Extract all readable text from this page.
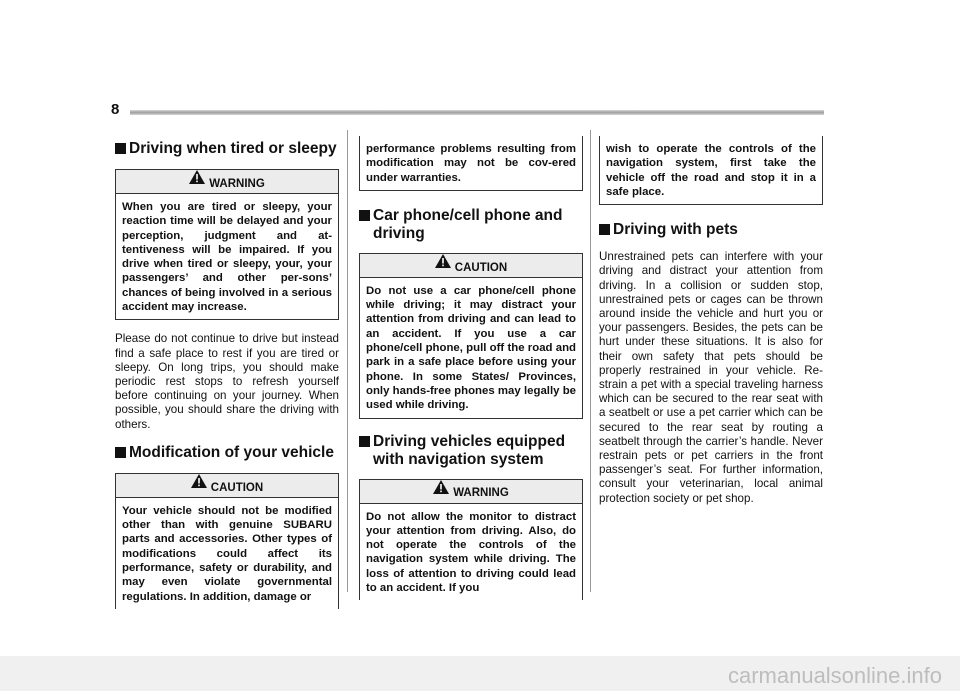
8
Driving when tired or sleepy
WARNING
When you are tired or sleepy, your reaction time will be delayed and your perception, judgment and at-tentiveness will be impaired. If you drive when tired or sleepy, your, your passengers’ and other per-sons’ chances of being involved in a serious accident may increase.

Please do not continue to drive but instead find a safe place to rest if you are tired or sleepy. On long trips, you should make periodic rest stops to refresh yourself before continuing on your journey. When possible, you should share the driving with others.

Modification of your vehicle
CAUTION
Your vehicle should not be modified other than with genuine SUBARU parts and accessories. Other types of modifications could affect its performance, safety or durability, and may even violate governmental regulations. In addition, damage or
performance problems resulting from modification may not be cov-ered under warranties.
Car phone/cell phone and driving
CAUTION
Do not use a car phone/cell phone while driving; it may distract your attention from driving and can lead to an accident. If you use a car phone/cell phone, pull off the road and park in a safe place before using your phone. In some States/ Provinces, only hands-free phones may legally be used while driving.
Driving vehicles equipped with navigation system
WARNING
Do not allow the monitor to distract your attention from driving. Also, do not operate the controls of the navigation system while driving. The loss of attention to driving could lead to an accident. If you
wish to operate the controls of the navigation system, first take the vehicle off the road and stop it in a safe place.
Driving with pets

Unrestrained pets can interfere with your driving and distract your attention from driving. In a collision or sudden stop, unrestrained pets or cages can be thrown around inside the vehicle and hurt you or your passengers. Besides, the pets can be hurt under these situations. It is also for their own safety that pets should be properly restrained in your vehicle. Re-strain a pet with a special traveling harness which can be secured to the rear seat with a seatbelt or use a pet carrier which can be secured to the rear seat by routing a seatbelt through the carrier’s handle. Never restrain pets or pet carriers in the front passenger’s seat. For further information, consult your veterinarian, local animal protection society or pet shop.

carmanualsonline.info
